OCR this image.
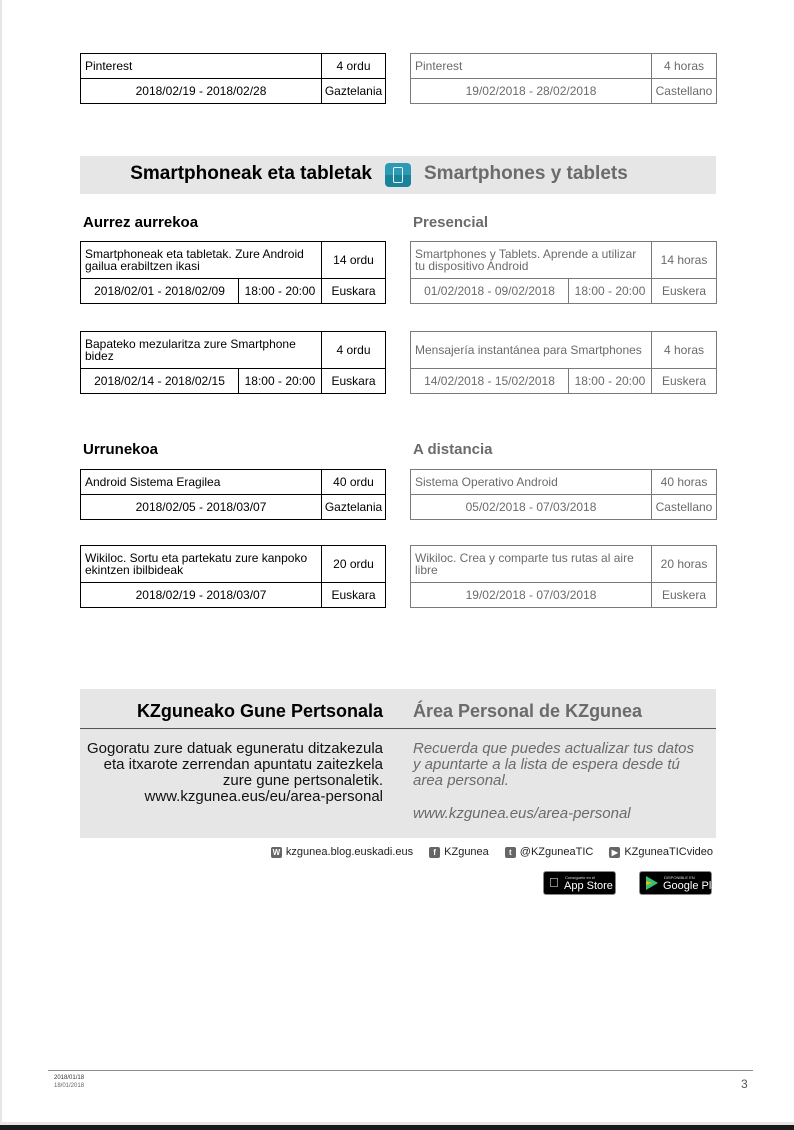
Pinterest	4 ordu
2018/02/19 - 2018/02/28	Gaztelania
Pinterest	4 horas
19/02/2018 - 28/02/2018	Castellano
Smartphoneak eta tabletak	Smartphones y tablets
Aurrez aurrekoa	Presencial
Smartphoneak eta tabletak. Zure Android gailua erabiltzen ikasi		14 ordu
2018/02/01 - 2018/02/09	18:00 - 20:00	Euskara
Smartphones y Tablets. Aprende a utilizar tu dispositivo Android		14 horas
01/02/2018 - 09/02/2018	18:00 - 20:00	Euskera
Bapateko mezularitza zure Smartphone bidez		4 ordu
2018/02/14 - 2018/02/15	18:00 - 20:00	Euskara
Mensajería instantánea para Smartphones		4 horas
14/02/2018 - 15/02/2018	18:00 - 20:00	Euskera
Urrunekoa	A distancia
Android Sistema Eragilea	40 ordu
2018/02/05 - 2018/03/07	Gaztelania
Sistema Operativo Android	40 horas
05/02/2018 - 07/03/2018	Castellano
Wikiloc. Sortu eta partekatu zure kanpoko ekintzen ibilbideak	20 ordu
2018/02/19 - 2018/03/07	Euskara
Wikiloc. Crea y comparte tus rutas al aire libre	20 horas
19/02/2018 - 07/03/2018	Euskera
KZguneako Gune Pertsonala Área Personal de KZgunea
Gogoratu zure datuak eguneratu ditzakezula eta itxarote zerrendan apuntatu zaitezkela zure gune pertsonaletik.
www.kzgunea.eus/eu/area-personal
Recuerda que puedes actualizar tus datos y apuntarte a la lista de espera desde tú area personal.
www.kzgunea.eus/area-personal
W kzgunea.blog.euskadi.eus	f KZgunea	t @KZguneaTIC	▶ KZguneaTICvideo
Consíguelo en el
App Store
DISPONIBLE EN
Google Play
2018/01/18
18/01/2018	3
